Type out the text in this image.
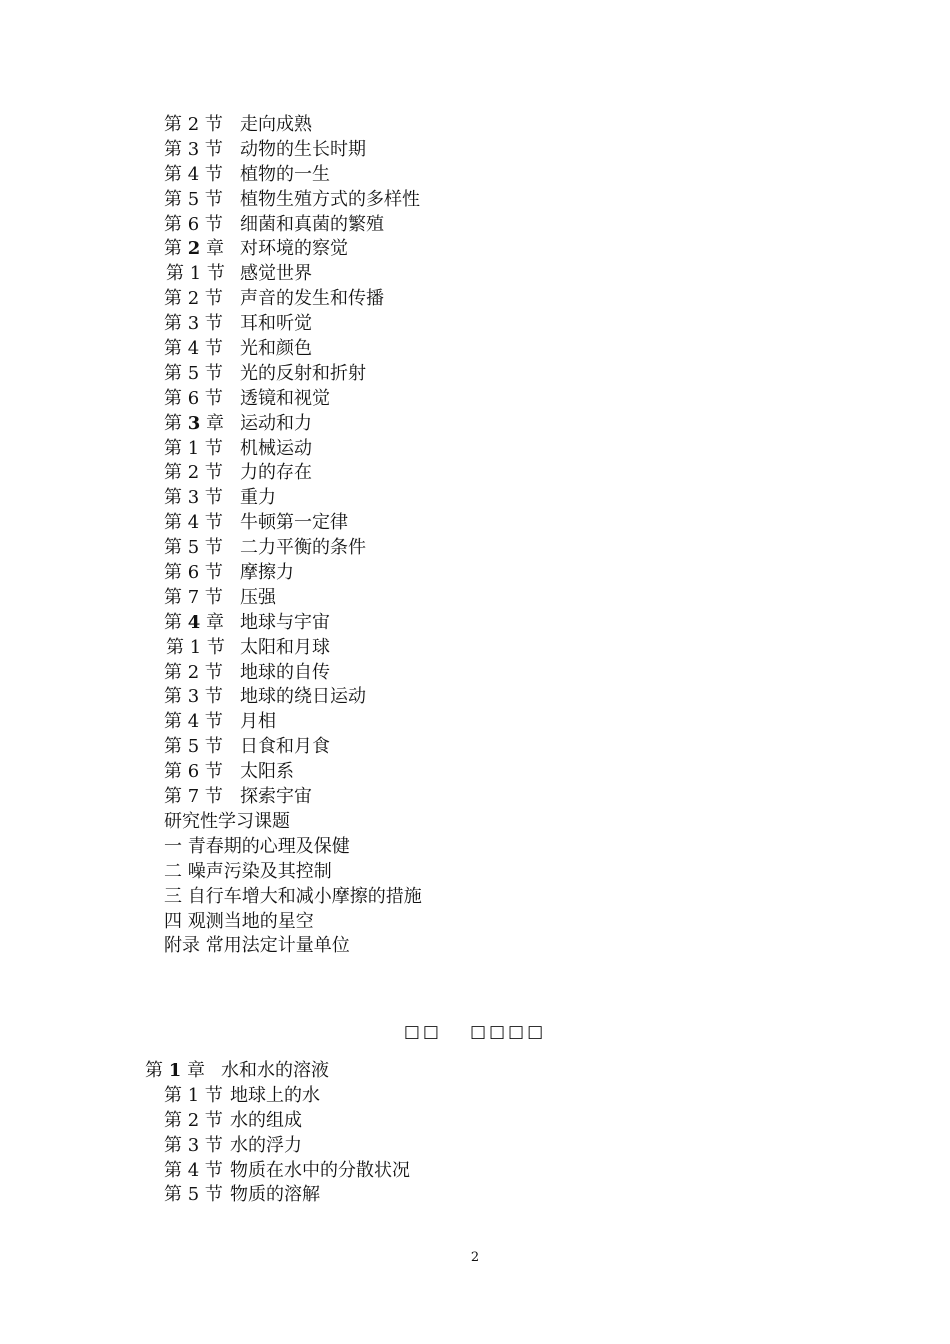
第 2 节 走向成熟
第 3 节 动物的生长时期
第 4 节 植物的一生
第 5 节 植物生殖方式的多样性
第 6 节 细菌和真菌的繁殖
第 2 章 对环境的察觉
第 1 节 感觉世界
第 2 节 声音的发生和传播
第 3 节 耳和听觉
第 4 节 光和颜色
第 5 节 光的反射和折射
第 6 节 透镜和视觉
第 3 章 运动和力
第 1 节 机械运动
第 2 节 力的存在
第 3 节 重力
第 4 节 牛顿第一定律
第 5 节 二力平衡的条件
第 6 节 摩擦力
第 7 节 压强
第 4 章 地球与宇宙
第 1 节 太阳和月球
第 2 节 地球的自传
第 3 节 地球的绕日运动
第 4 节 月相
第 5 节 日食和月食
第 6 节 太阳系
第 7 节 探索宇宙
研究性学习课题
一 青春期的心理及保健
二 噪声污染及其控制
三 自行车增大和减小摩擦的措施
四 观测当地的星空
附录 常用法定计量单位
□□ □□□□
第 1 章 水和水的溶液
第 1 节 地球上的水
第 2 节 水的组成
第 3 节 水的浮力
第 4 节 物质在水中的分散状况
第 5 节 物质的溶解
2
